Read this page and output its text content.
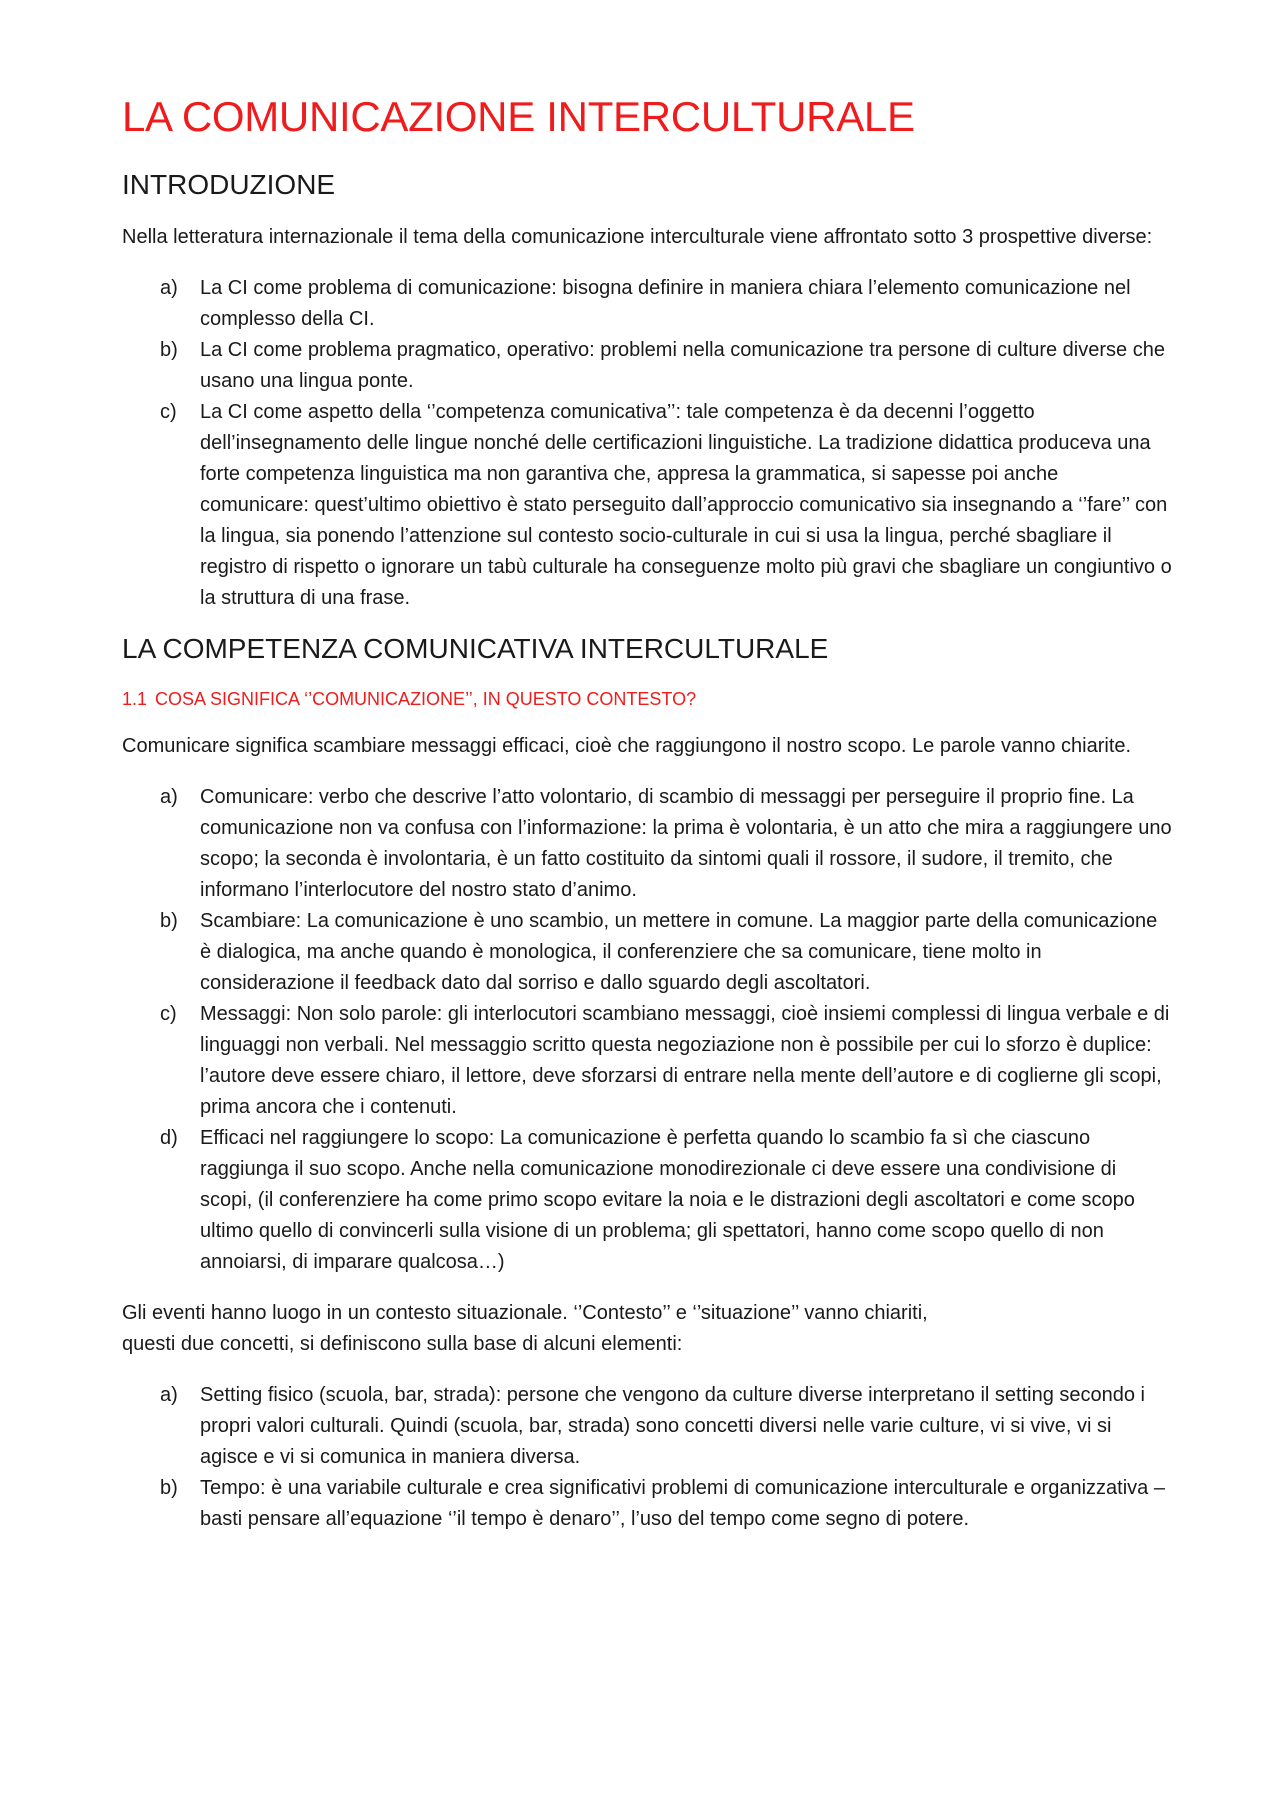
LA COMUNICAZIONE INTERCULTURALE
INTRODUZIONE

Nella letteratura internazionale il tema della comunicazione interculturale viene affrontato sotto 3 prospettive diverse:

a) La CI come problema di comunicazione: bisogna definire in maniera chiara l’elemento comunicazione nel complesso della CI.
b) La CI come problema pragmatico, operativo: problemi nella comunicazione tra persone di culture diverse che usano una lingua ponte.
c) La CI come aspetto della ‘’competenza comunicativa’’: tale competenza è da decenni l’oggetto dell’insegnamento delle lingue nonché delle certificazioni linguistiche. La tradizione didattica produceva una forte competenza linguistica ma non garantiva che, appresa la grammatica, si sapesse poi anche comunicare: quest’ultimo obiettivo è stato perseguito dall’approccio comunicativo sia insegnando a ‘’fare’’ con la lingua, sia ponendo l’attenzione sul contesto socio-culturale in cui si usa la lingua, perché sbagliare il registro di rispetto o ignorare un tabù culturale ha conseguenze molto più gravi che sbagliare un congiuntivo o la struttura di una frase.
LA COMPETENZA COMUNICATIVA INTERCULTURALE
1.1 COSA SIGNIFICA ‘’COMUNICAZIONE’’, IN QUESTO CONTESTO?

Comunicare significa scambiare messaggi efficaci, cioè che raggiungono il nostro scopo. Le parole vanno chiarite.

a) Comunicare: verbo che descrive l’atto volontario, di scambio di messaggi per perseguire il proprio fine. La comunicazione non va confusa con l’informazione: la prima è volontaria, è un atto che mira a raggiungere uno scopo; la seconda è involontaria, è un fatto costituito da sintomi quali il rossore, il sudore, il tremito, che informano l’interlocutore del nostro stato d’animo.
b) Scambiare: La comunicazione è uno scambio, un mettere in comune. La maggior parte della comunicazione è dialogica, ma anche quando è monologica, il conferenziere che sa comunicare, tiene molto in considerazione il feedback dato dal sorriso e dallo sguardo degli ascoltatori.
c) Messaggi: Non solo parole: gli interlocutori scambiano messaggi, cioè insiemi complessi di lingua verbale e di linguaggi non verbali. Nel messaggio scritto questa negoziazione non è possibile per cui lo sforzo è duplice: l’autore deve essere chiaro, il lettore, deve sforzarsi di entrare nella mente dell’autore e di coglierne gli scopi, prima ancora che i contenuti.
d) Efficaci nel raggiungere lo scopo: La comunicazione è perfetta quando lo scambio fa sì che ciascuno raggiunga il suo scopo. Anche nella comunicazione monodirezionale ci deve essere una condivisione di scopi, (il conferenziere ha come primo scopo evitare la noia e le distrazioni degli ascoltatori e come scopo ultimo quello di convincerli sulla visione di un problema; gli spettatori, hanno come scopo quello di non annoiarsi, di imparare qualcosa…)

Gli eventi hanno luogo in un contesto situazionale. ‘’Contesto’’ e ‘’situazione’’ vanno chiariti,
questi due concetti, si definiscono sulla base di alcuni elementi:

a) Setting fisico (scuola, bar, strada): persone che vengono da culture diverse interpretano il setting secondo i propri valori culturali. Quindi (scuola, bar, strada) sono concetti diversi nelle varie culture, vi si vive, vi si agisce e vi si comunica in maniera diversa.
b) Tempo: è una variabile culturale e crea significativi problemi di comunicazione interculturale e organizzativa – basti pensare all’equazione ‘’il tempo è denaro’’, l’uso del tempo come segno di potere.
